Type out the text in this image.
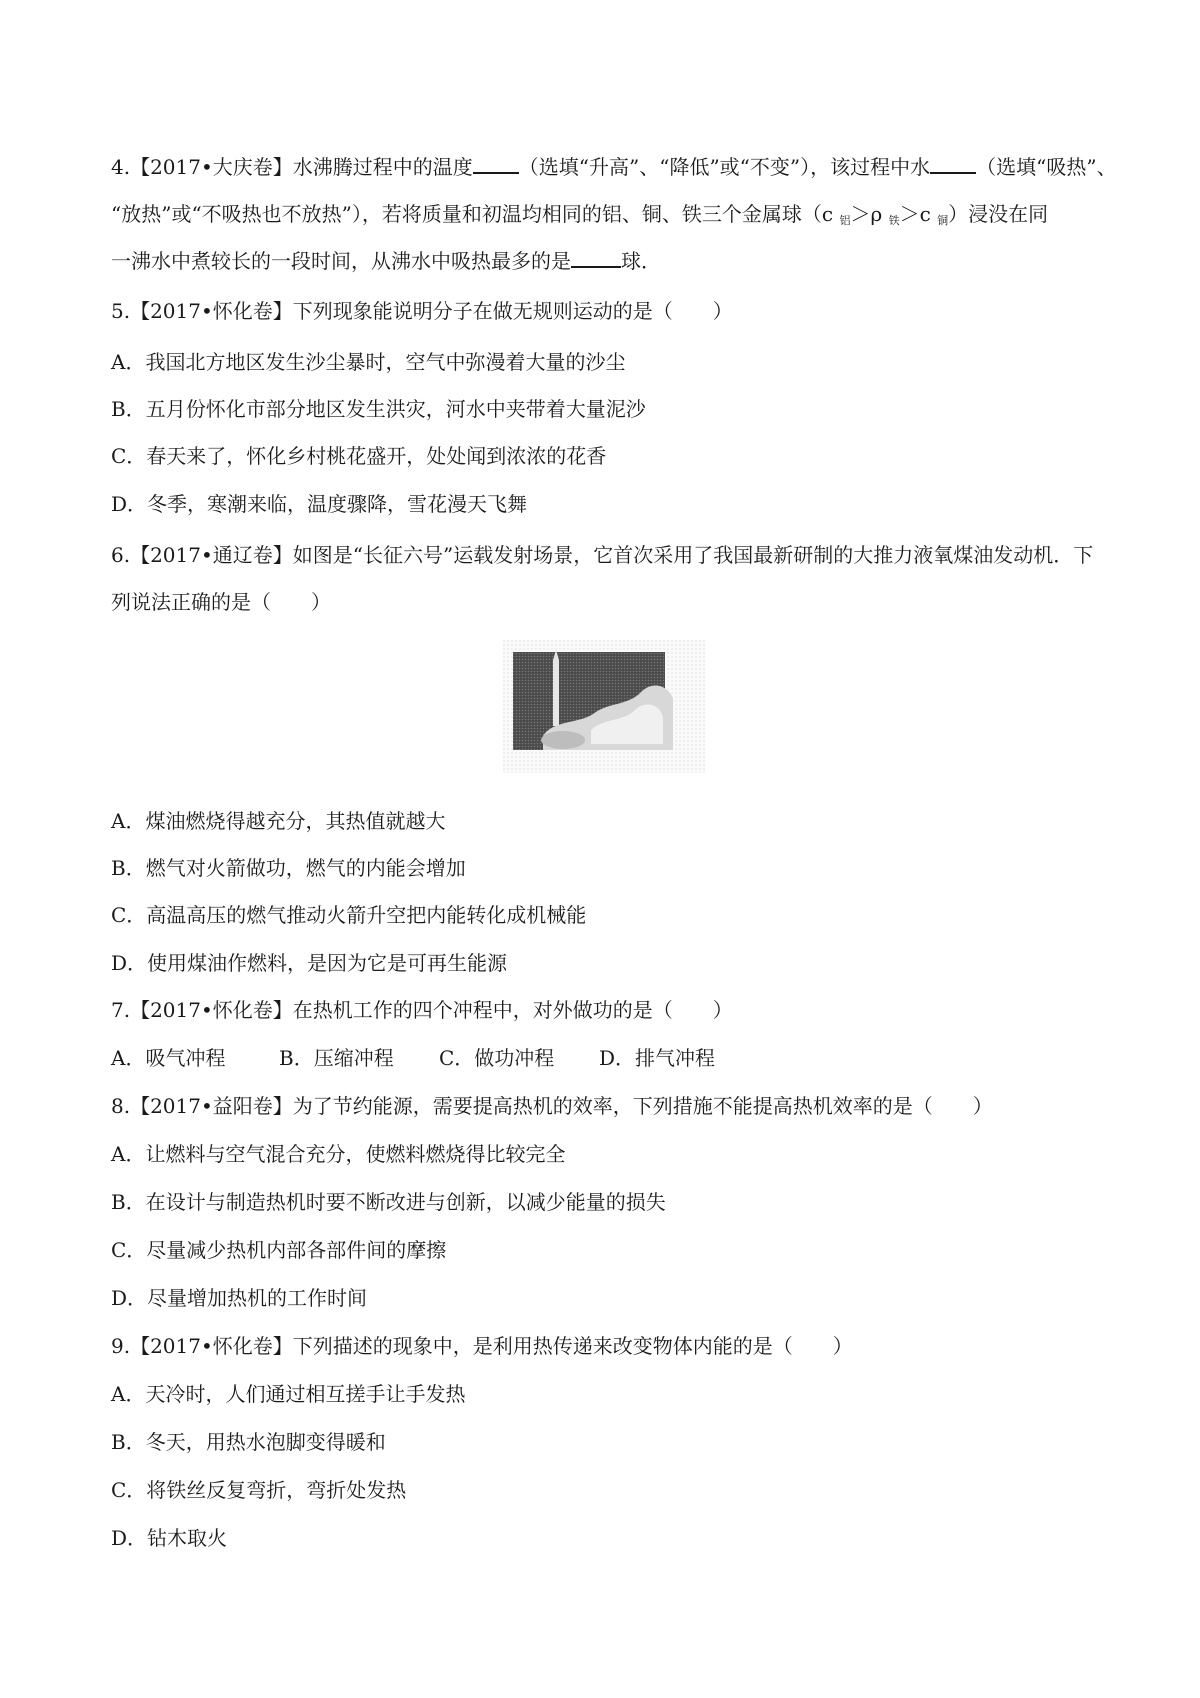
4.【2017•大庆卷】水沸腾过程中的温度 （选填“升高”、“降低”或“不变”），该过程中水 （选填“吸热”、
“放热”或“不吸热也不放热”），若将质量和初温均相同的铝、铜、铁三个金属球（c $_铝$＞ρ $_铁$＞c $_铜$）浸没在同
一沸水中煮较长的一段时间，从沸水中吸热最多的是	球．
5.【2017•怀化卷】下列现象能说明分子在做无规则运动的是（　　）
A．我国北方地区发生沙尘暴时，空气中弥漫着大量的沙尘
B．五月份怀化市部分地区发生洪灾，河水中夹带着大量泥沙
C．春天来了，怀化乡村桃花盛开，处处闻到浓浓的花香
D．冬季，寒潮来临，温度骤降，雪花漫天飞舞
6.【2017•通辽卷】如图是“长征六号”运载发射场景，它首次采用了我国最新研制的大推力液氧煤油发动机．下
列说法正确的是（　　）
A．煤油燃烧得越充分，其热值就越大
B．燃气对火箭做功，燃气的内能会增加
C．高温高压的燃气推动火箭升空把内能转化成机械能
D．使用煤油作燃料，是因为它是可再生能源
7.【2017•怀化卷】在热机工作的四个冲程中，对外做功的是（　　）
A．吸气冲程	B．压缩冲程 C．做功冲程 D．排气冲程
8.【2017•益阳卷】为了节约能源，需要提高热机的效率，下列措施不能提高热机效率的是（　　）
A．让燃料与空气混合充分，使燃料燃烧得比较完全
B．在设计与制造热机时要不断改进与创新，以减少能量的损失
C．尽量减少热机内部各部件间的摩擦
D．尽量增加热机的工作时间
9.【2017•怀化卷】下列描述的现象中，是利用热传递来改变物体内能的是（　　）
A．天冷时，人们通过相互搓手让手发热
B．冬天，用热水泡脚变得暖和
C．将铁丝反复弯折，弯折处发热
D．钻木取火
